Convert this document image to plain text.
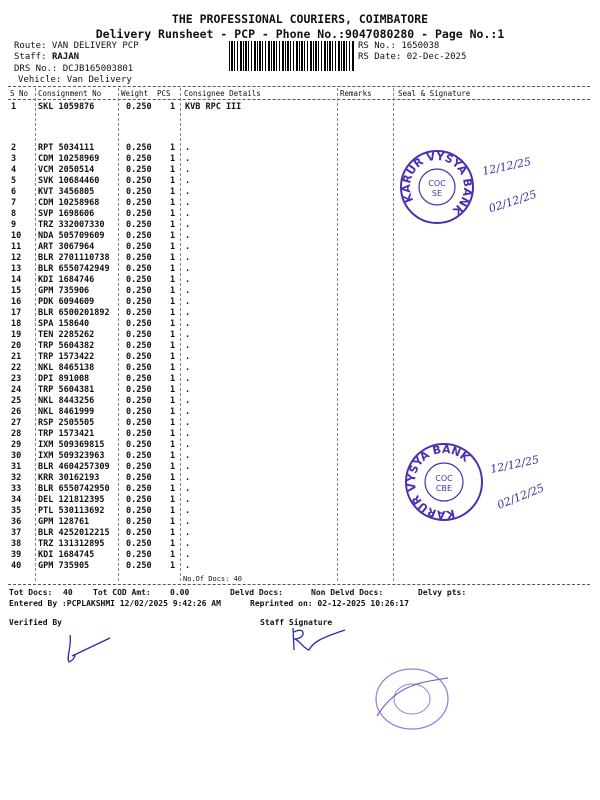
THE PROFESSIONAL COURIERS, COIMBATORE
Delivery Runsheet - PCP - Phone No.:9047080280 - Page No.:1
Route: VAN DELIVERY PCP
Staff: RAJAN
DRS No.: DCJB165003801
Vehicle: Van Delivery
RS No.: 1650038
RS Date: 02-Dec-2025
S No Consignment No	Weight PCS Consignee Details	Remarks	Seal & Signature
1	SKL 1059876	0.250 1 KVB RPC III
2	RPT 5034111	0.250 1 .
3	CDM 10258969	0.250 1 .
4	VCM 2050514	0.250 1 .
5	SVK 10684460	0.250 1 .
6	KVT 3456805	0.250 1 .
7	CDM 10258968	0.250 1 .
8	SVP 1698606	0.250 1 .
9	TRZ 332007330	0.250 1 .
10 NDA 505709609	0.250 1 .
11 ART 3067964	0.250 1 .
12 BLR 2701110738 0.250 1 .
13 BLR 6550742949 0.250 1 .
14 KDI 1684746	0.250 1 .
15 GPM 735906	0.250 1 .
16 PDK 6094609	0.250 1 .
17 BLR 6500201892 0.250 1 .
18 SPA 158640	0.250 1 .
19 TEN 2285262	0.250 1 .
20 TRP 5604382	0.250 1 .
21 TRP 1573422	0.250 1 .
22 NKL 8465138	0.250 1 .
23 DPI 891008	0.250 1 .
24 TRP 5604381	0.250 1 .
25 NKL 8443256	0.250 1 .
26 NKL 8461999	0.250 1 .
27 RSP 2505505	0.250 1 .
28 TRP 1573421	0.250 1 .
29 IXM 509369815	0.250 1 .
30 IXM 509323963	0.250 1 .
31 BLR 4604257309 0.250 1 .
32 KRR 30162193	0.250 1 .
33 BLR 6550742950 0.250 1 .
34 DEL 121812395	0.250 1 .
35 PTL 530113692	0.250 1 .
36 GPM 128761	0.250 1 .
37 BLR 4252012215 0.250 1 .
38 TRZ 131312895	0.250 1 .
39 KDI 1684745	0.250 1 .
40 GPM 735905	0.250 1 .
No.Of Docs: 40
Tot Docs: 40	Tot COD Amt: 0.00	Delvd Docs:	Non Delvd Docs:	Delvy pts:
Entered By :PCPLAKSHMI 12/02/2025 9:42:26 AM	Reprinted on: 02-12-2025 10:26:17
Verified By	Staff Signature
KARUR VYSYA BANK
COC
SE
12/12/25
02/12/25
KARUR VYSYA BANK
COC
CBE
12/12/25
02/12/25
